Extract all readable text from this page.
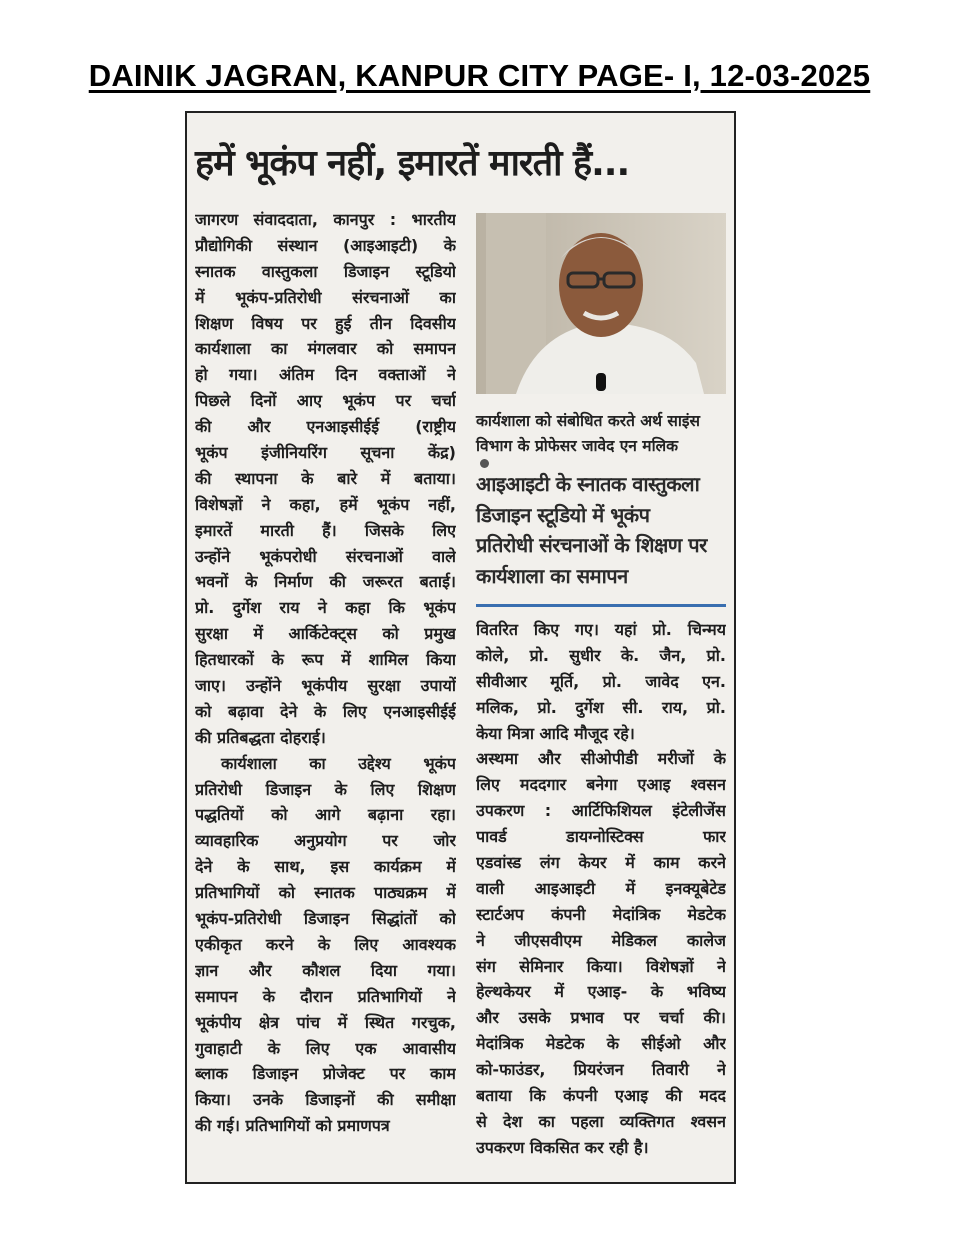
DAINIK JAGRAN, KANPUR CITY PAGE- I, 12-03-2025
हमें भूकंप नहीं, इमारतें मारती हैं...
जागरण संवाददाता, कानपुर : भारतीय
प्रौद्योगिकी संस्थान (आइआइटी) के
स्नातक वास्तुकला डिजाइन स्टूडियो
में भूकंप-प्रतिरोधी संरचनाओं का
शिक्षण विषय पर हुई तीन दिवसीय
कार्यशाला का मंगलवार को समापन
हो गया। अंतिम दिन वक्ताओं ने
पिछले दिनों आए भूकंप पर चर्चा
की और एनआइसीईई (राष्ट्रीय
भूकंप इंजीनियरिंग सूचना केंद्र)
की स्थापना के बारे में बताया।
विशेषज्ञों ने कहा, हमें भूकंप नहीं,
इमारतें मारती हैं। जिसके लिए
उन्होंने भूकंपरोधी संरचनाओं वाले
भवनों के निर्माण की जरूरत बताई।
प्रो. दुर्गेश राय ने कहा कि भूकंप
सुरक्षा में आर्किटेक्ट्स को प्रमुख
हितधारकों के रूप में शामिल किया
जाए। उन्होंने भूकंपीय सुरक्षा उपायों
को बढ़ावा देने के लिए एनआइसीईई
की प्रतिबद्धता दोहराई।
कार्यशाला का उद्देश्य भूकंप
प्रतिरोधी डिजाइन के लिए शिक्षण
पद्धतियों को आगे बढ़ाना रहा।
व्यावहारिक अनुप्रयोग पर जोर
देने के साथ, इस कार्यक्रम में
प्रतिभागियों को स्नातक पाठ्यक्रम में
भूकंप-प्रतिरोधी डिजाइन सिद्धांतों को
एकीकृत करने के लिए आवश्यक
ज्ञान और कौशल दिया गया।
समापन के दौरान प्रतिभागियों ने
भूकंपीय क्षेत्र पांच में स्थित गरचुक,
गुवाहाटी के लिए एक आवासीय
ब्लाक डिजाइन प्रोजेक्ट पर काम
किया। उनके डिजाइनों की समीक्षा
की गई। प्रतिभागियों को प्रमाणपत्र
कार्यशाला को संबोधित करते अर्थ साइंस
विभाग के प्रोफेसर जावेद एन मलिक
आइआइटी के स्नातक वास्तुकला
डिजाइन स्टूडियो में भूकंप
प्रतिरोधी संरचनाओं के शिक्षण पर
कार्यशाला का समापन
वितरित किए गए। यहां प्रो. चिन्मय
कोले, प्रो. सुधीर के. जैन, प्रो.
सीवीआर मूर्ति, प्रो. जावेद एन.
मलिक, प्रो. दुर्गेश सी. राय, प्रो.
केया मित्रा आदि मौजूद रहे।
अस्थमा और सीओपीडी मरीजों के
लिए मददगार बनेगा एआइ श्वसन
उपकरण : आर्टिफिशियल इंटेलीजेंस
पावर्ड डायग्नोस्टिक्स फार
एडवांस्ड लंग केयर में काम करने
वाली आइआइटी में इनक्यूबेटेड
स्टार्टअप कंपनी मेदांत्रिक मेडटेक
ने जीएसवीएम मेडिकल कालेज
संग सेमिनार किया। विशेषज्ञों ने
हेल्थकेयर में एआइ- के भविष्य
और उसके प्रभाव पर चर्चा की।
मेदांत्रिक मेडटेक के सीईओ और
को-फाउंडर, प्रियरंजन तिवारी ने
बताया कि कंपनी एआइ की मदद
से देश का पहला व्यक्तिगत श्वसन
उपकरण विकसित कर रही है।
